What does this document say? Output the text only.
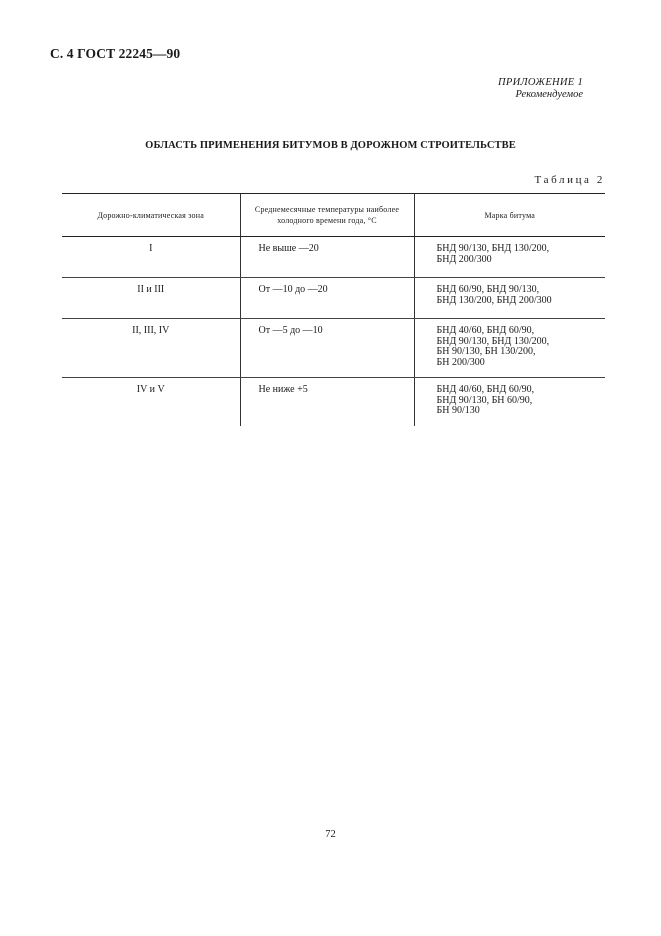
С. 4 ГОСТ 22245—90
ПРИЛОЖЕНИЕ 1
Рекомендуемое
ОБЛАСТЬ ПРИМЕНЕНИЯ БИТУМОВ В ДОРОЖНОМ СТРОИТЕЛЬСТВЕ
Таблица 2
Дорожно-климатическая зона	Среднемесячные температуры наиболее холодного времени года, °С	Марка битума
I	Не выше —20	БНД 90/130, БНД 130/200,
БНД 200/300

II и III	От —10 до —20	БНД 60/90, БНД 90/130,
БНД 130/200, БНД 200/300

II, III, IV	От —5 до —10	БНД 40/60, БНД 60/90,
БНД 90/130, БНД 130/200,
БН 90/130, БН 130/200,
БН 200/300

IV и V	Не ниже +5	БНД 40/60, БНД 60/90,
БНД 90/130, БН 60/90,
БН 90/130
72
